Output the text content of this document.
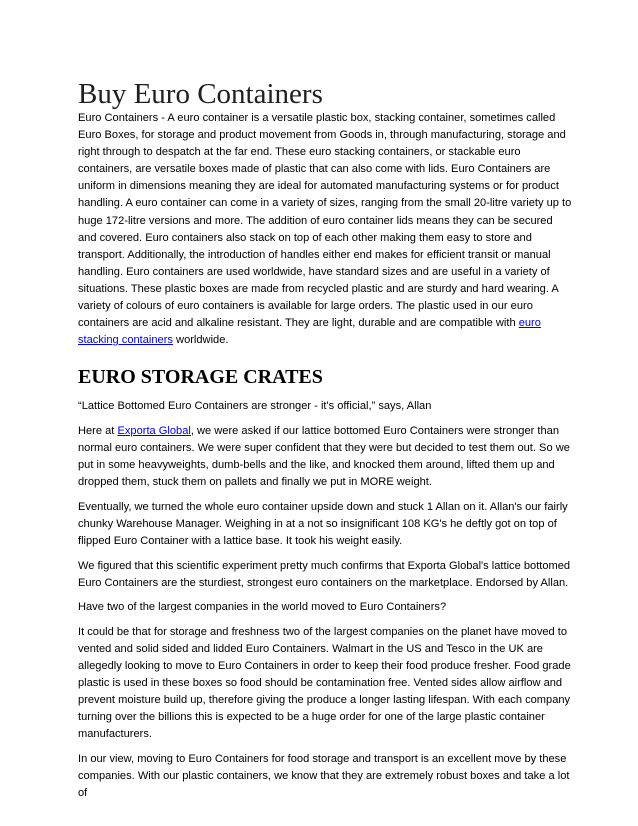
Buy Euro Containers

Euro Containers - A euro container is a versatile plastic box, stacking container, sometimes called Euro Boxes, for storage and product movement from Goods in, through manufacturing, storage and right through to despatch at the far end. These euro stacking containers, or stackable euro containers, are versatile boxes made of plastic that can also come with lids. Euro Containers are uniform in dimensions meaning they are ideal for automated manufacturing systems or for product handling. A euro container can come in a variety of sizes, ranging from the small 20-litre variety up to huge 172-litre versions and more. The addition of euro container lids means they can be secured and covered. Euro containers also stack on top of each other making them easy to store and transport. Additionally, the introduction of handles either end makes for efficient transit or manual handling. Euro containers are used worldwide, have standard sizes and are useful in a variety of situations. These plastic boxes are made from recycled plastic and are sturdy and hard wearing. A variety of colours of euro containers is available for large orders. The plastic used in our euro containers are acid and alkaline resistant. They are light, durable and are compatible with euro stacking containers worldwide.

EURO STORAGE CRATES

“Lattice Bottomed Euro Containers are stronger - it's official,” says, Allan

Here at Exporta Global, we were asked if our lattice bottomed Euro Containers were stronger than normal euro containers. We were super confident that they were but decided to test them out. So we put in some heavyweights, dumb-bells and the like, and knocked them around, lifted them up and dropped them, stuck them on pallets and finally we put in MORE weight.

Eventually, we turned the whole euro container upside down and stuck 1 Allan on it. Allan's our fairly chunky Warehouse Manager. Weighing in at a not so insignificant 108 KG's he deftly got on top of flipped Euro Container with a lattice base. It took his weight easily.

We figured that this scientific experiment pretty much confirms that Exporta Global's lattice bottomed Euro Containers are the sturdiest, strongest euro containers on the marketplace. Endorsed by Allan.

Have two of the largest companies in the world moved to Euro Containers?

It could be that for storage and freshness two of the largest companies on the planet have moved to vented and solid sided and lidded Euro Containers. Walmart in the US and Tesco in the UK are allegedly looking to move to Euro Containers in order to keep their food produce fresher. Food grade plastic is used in these boxes so food should be contamination free. Vented sides allow airflow and prevent moisture build up, therefore giving the produce a longer lasting lifespan. With each company turning over the billions this is expected to be a huge order for one of the large plastic container manufacturers.

In our view, moving to Euro Containers for food storage and transport is an excellent move by these companies. With our plastic containers, we know that they are extremely robust boxes and take a lot of
